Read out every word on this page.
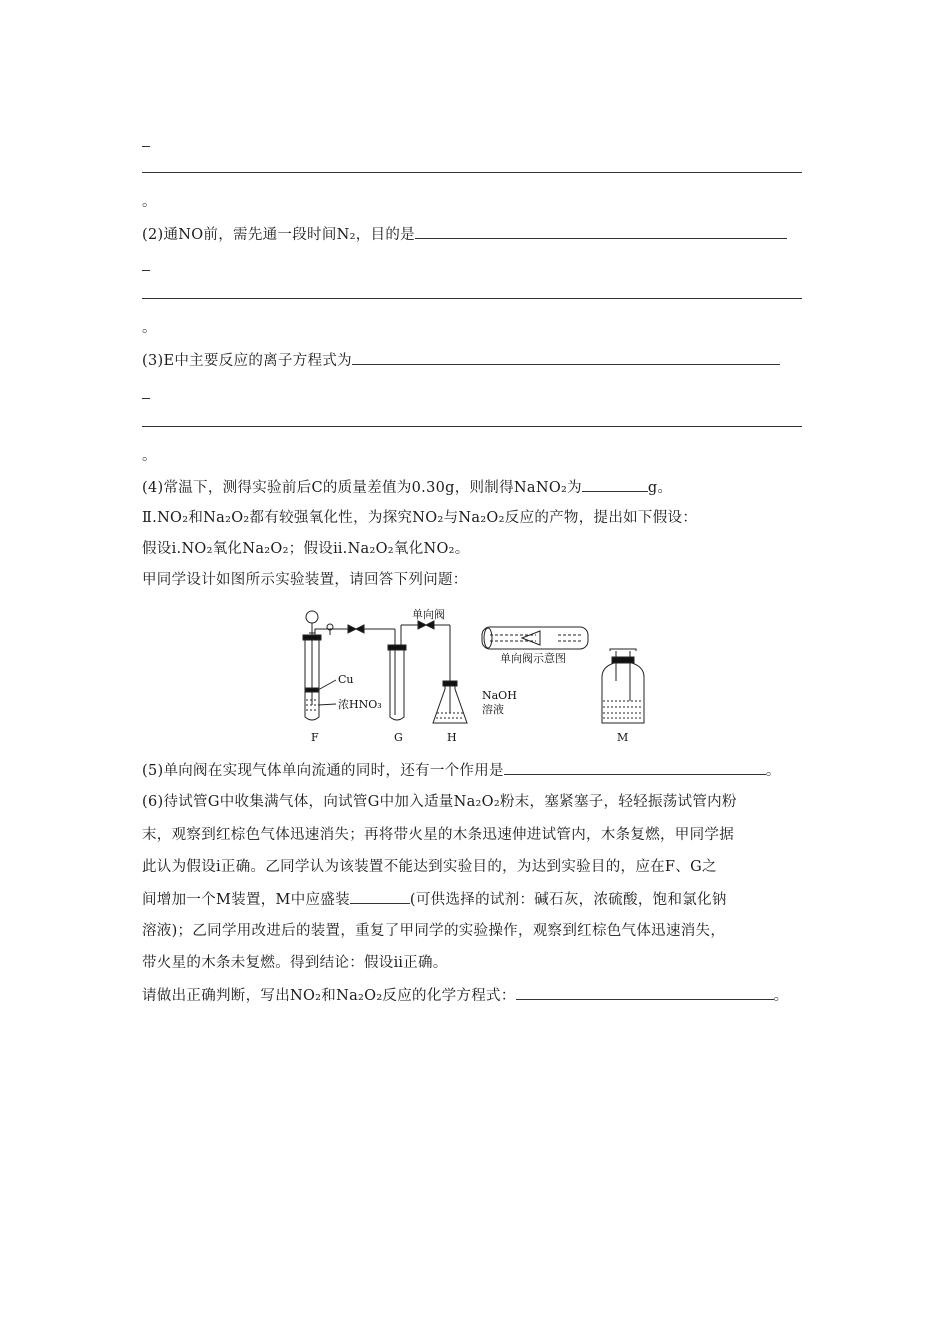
。
(2)通NO前，需先通一段时间N₂，目的是
。
(3)E中主要反应的离子方程式为
。
(4)常温下，测得实验前后C的质量差值为0.30g，则制得NaNO₂为	g。
Ⅱ.NO₂和Na₂O₂都有较强氧化性，为探究NO₂与Na₂O₂反应的产物，提出如下假设：
假设ⅰ.NO₂氧化Na₂O₂；假设ⅱ.Na₂O₂氧化NO₂。
甲同学设计如图所示实验装置，请回答下列问题：
单向阀
单向阀示意图
Cu
浓HNO₃
NaOH
溶液
F	G	H	M
(5)单向阀在实现气体单向流通的同时，还有一个作用是	。
(6)待试管G中收集满气体，向试管G中加入适量Na₂O₂粉末，塞紧塞子，轻轻振荡试管内粉
末，观察到红棕色气体迅速消失；再将带火星的木条迅速伸进试管内，木条复燃，甲同学据
此认为假设ⅰ正确。乙同学认为该装置不能达到实验目的，为达到实验目的，应在F、G之
间增加一个M装置，M中应盛装	(可供选择的试剂：碱石灰，浓硫酸，饱和氯化钠
溶液)；乙同学用改进后的装置，重复了甲同学的实验操作，观察到红棕色气体迅速消失，
带火星的木条未复燃。得到结论：假设ⅱ正确。
请做出正确判断，写出NO₂和Na₂O₂反应的化学方程式：	。
